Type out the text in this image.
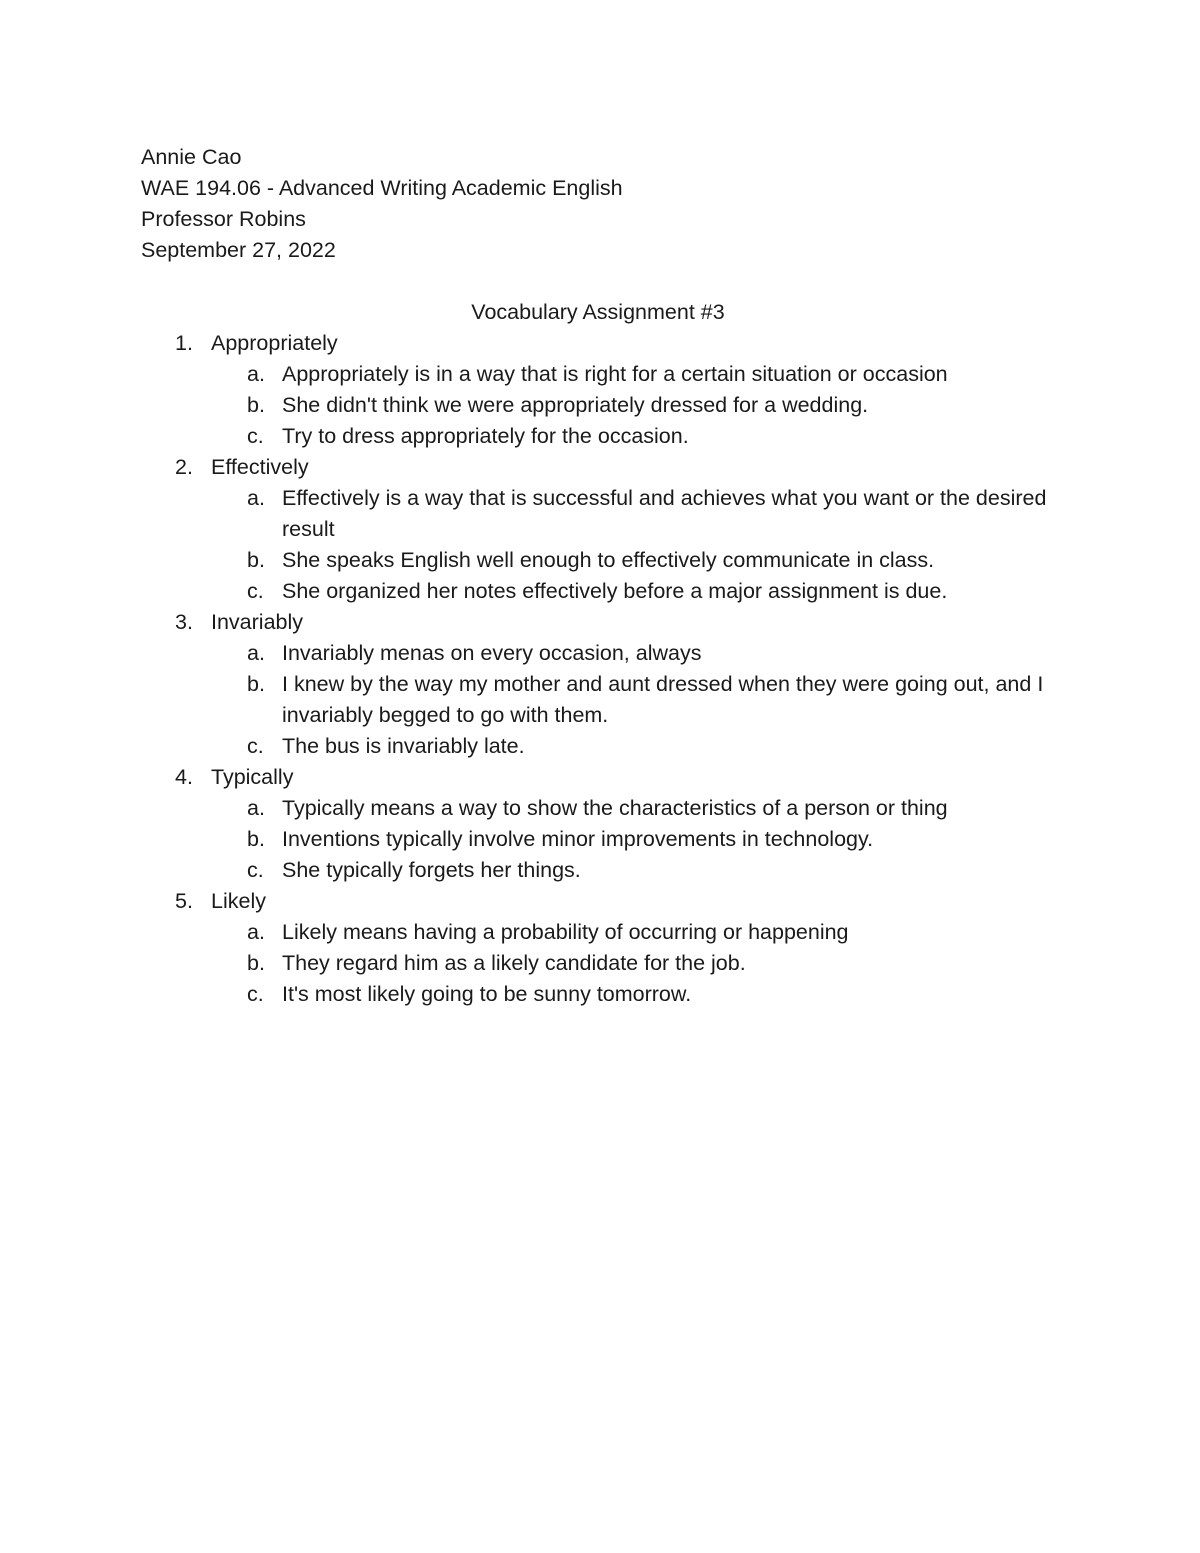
Annie Cao
WAE 194.06 - Advanced Writing Academic English
Professor Robins
September 27, 2022
Vocabulary Assignment #3
1. Appropriately
a. Appropriately is in a way that is right for a certain situation or occasion
b. She didn't think we were appropriately dressed for a wedding.
c. Try to dress appropriately for the occasion.
2. Effectively
a. Effectively is a way that is successful and achieves what you want or the desired result
b. She speaks English well enough to effectively communicate in class.
c. She organized her notes effectively before a major assignment is due.
3. Invariably
a. Invariably menas on every occasion, always
b. I knew by the way my mother and aunt dressed when they were going out, and I invariably begged to go with them.
c. The bus is invariably late.
4. Typically
a. Typically means a way to show the characteristics of a person or thing
b. Inventions typically involve minor improvements in technology.
c. She typically forgets her things.
5. Likely
a. Likely means having a probability of occurring or happening
b. They regard him as a likely candidate for the job.
c. It's most likely going to be sunny tomorrow.
